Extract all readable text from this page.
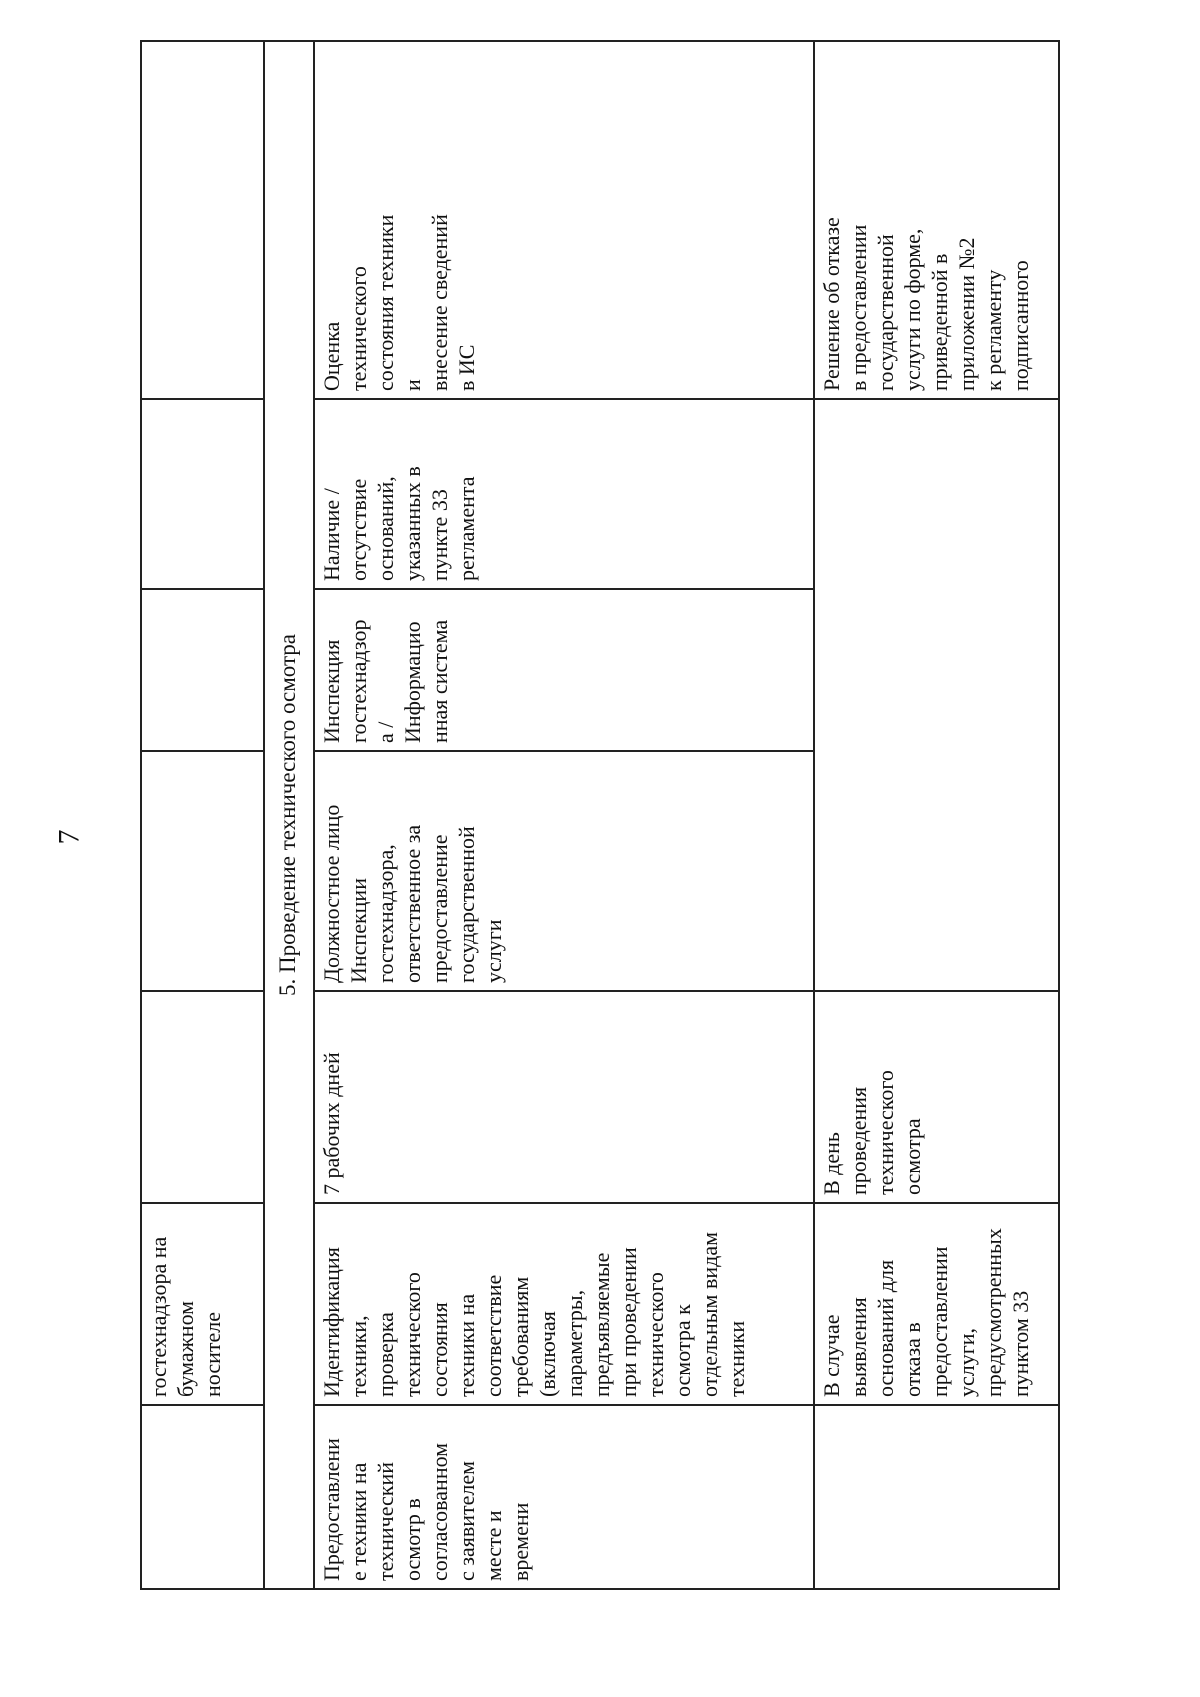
7
гостехнадзора на
бумажном
носителе
5. Проведение технического осмотра
Предоставлени
е техники на
технический
осмотр в
согласованном
с заявителем
месте и
времени
Идентификация
техники,
проверка
технического
состояния
техники на
соответствие
требованиям
(включая
параметры,
предъявляемые
при проведении
технического
осмотра к
отдельным видам
техники
7 рабочих дней
Должностное лицо
Инспекции
гостехнадзора,
ответственное за
предоставление
государственной
услуги
Инспекция
гостехнадзор
а /
Информацио
нная система
Наличие /
отсутствие
оснований,
указанных в
пункте 33
регламента
Оценка
технического
состояния техники
и
внесение сведений
в ИС
В случае
выявления
оснований для
отказа в
предоставлении
услуги,
предусмотренных
пунктом 33
В день
проведения
технического
осмотра
Решение об отказе
в предоставлении
государственной
услуги по форме,
приведенной в
приложении №2
к регламенту
подписанного
